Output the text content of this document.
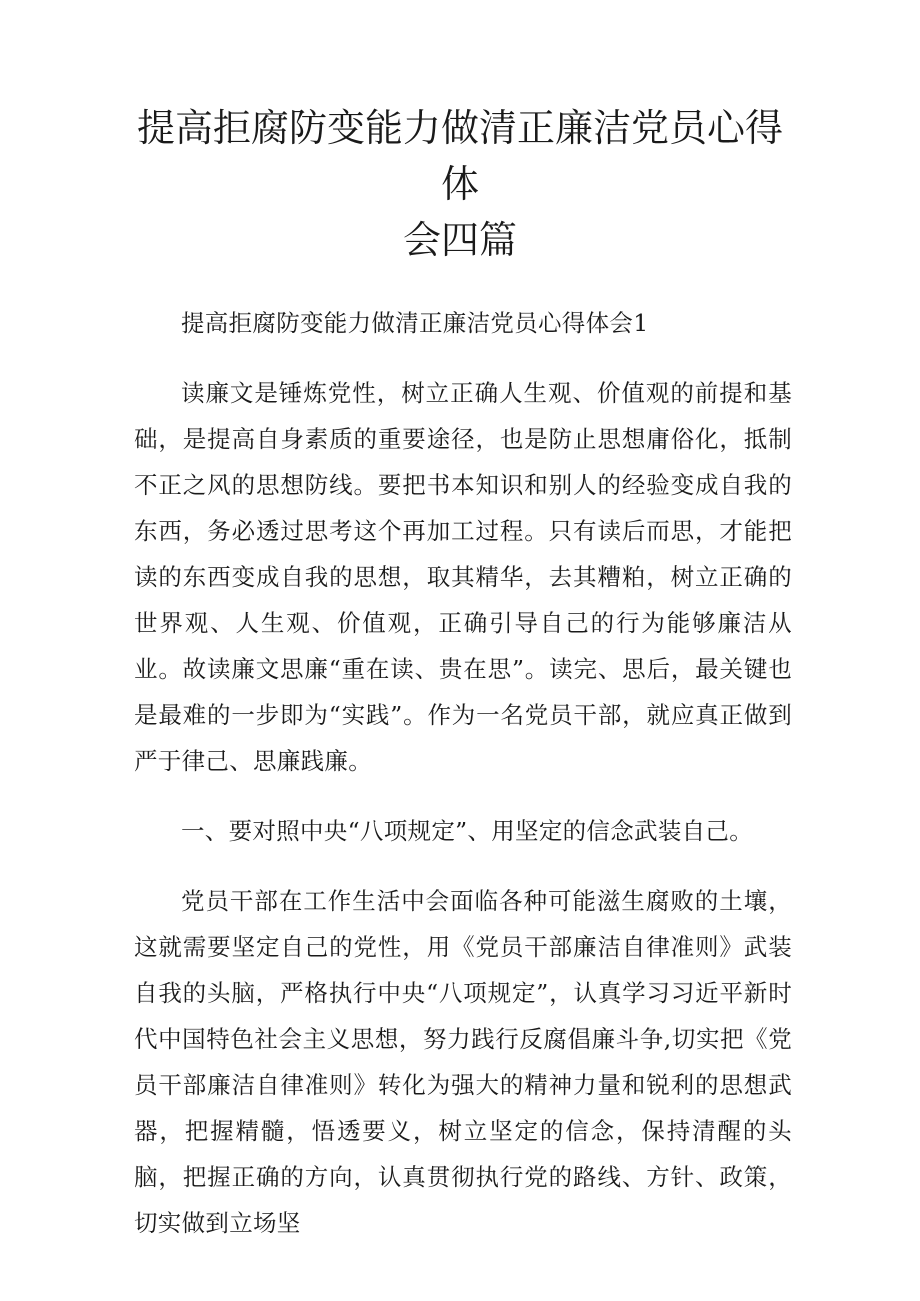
提高拒腐防变能力做清正廉洁党员心得体
会四篇

提高拒腐防变能力做清正廉洁党员心得体会1

读廉文是锤炼党性，树立正确人生观、价值观的前提和基础，是提高自身素质的重要途径，也是防止思想庸俗化，抵制不正之风的思想防线。要把书本知识和别人的经验变成自我的东西，务必透过思考这个再加工过程。只有读后而思，才能把读的东西变成自我的思想，取其精华，去其糟粕，树立正确的世界观、人生观、价值观，正确引导自己的行为能够廉洁从业。故读廉文思廉“重在读、贵在思”。读完、思后，最关键也是最难的一步即为“实践”。作为一名党员干部，就应真正做到严于律己、思廉践廉。

一、要对照中央“八项规定”、用坚定的信念武装自己。

党员干部在工作生活中会面临各种可能滋生腐败的土壤，这就需要坚定自己的党性，用《党员干部廉洁自律准则》武装自我的头脑，严格执行中央“八项规定”，认真学习习近平新时代中国特色社会主义思想，努力践行反腐倡廉斗争,切实把《党员干部廉洁自律准则》转化为强大的精神力量和锐利的思想武器，把握精髓，悟透要义，树立坚定的信念，保持清醒的头脑，把握正确的方向，认真贯彻执行党的路线、方针、政策，切实做到立场坚
